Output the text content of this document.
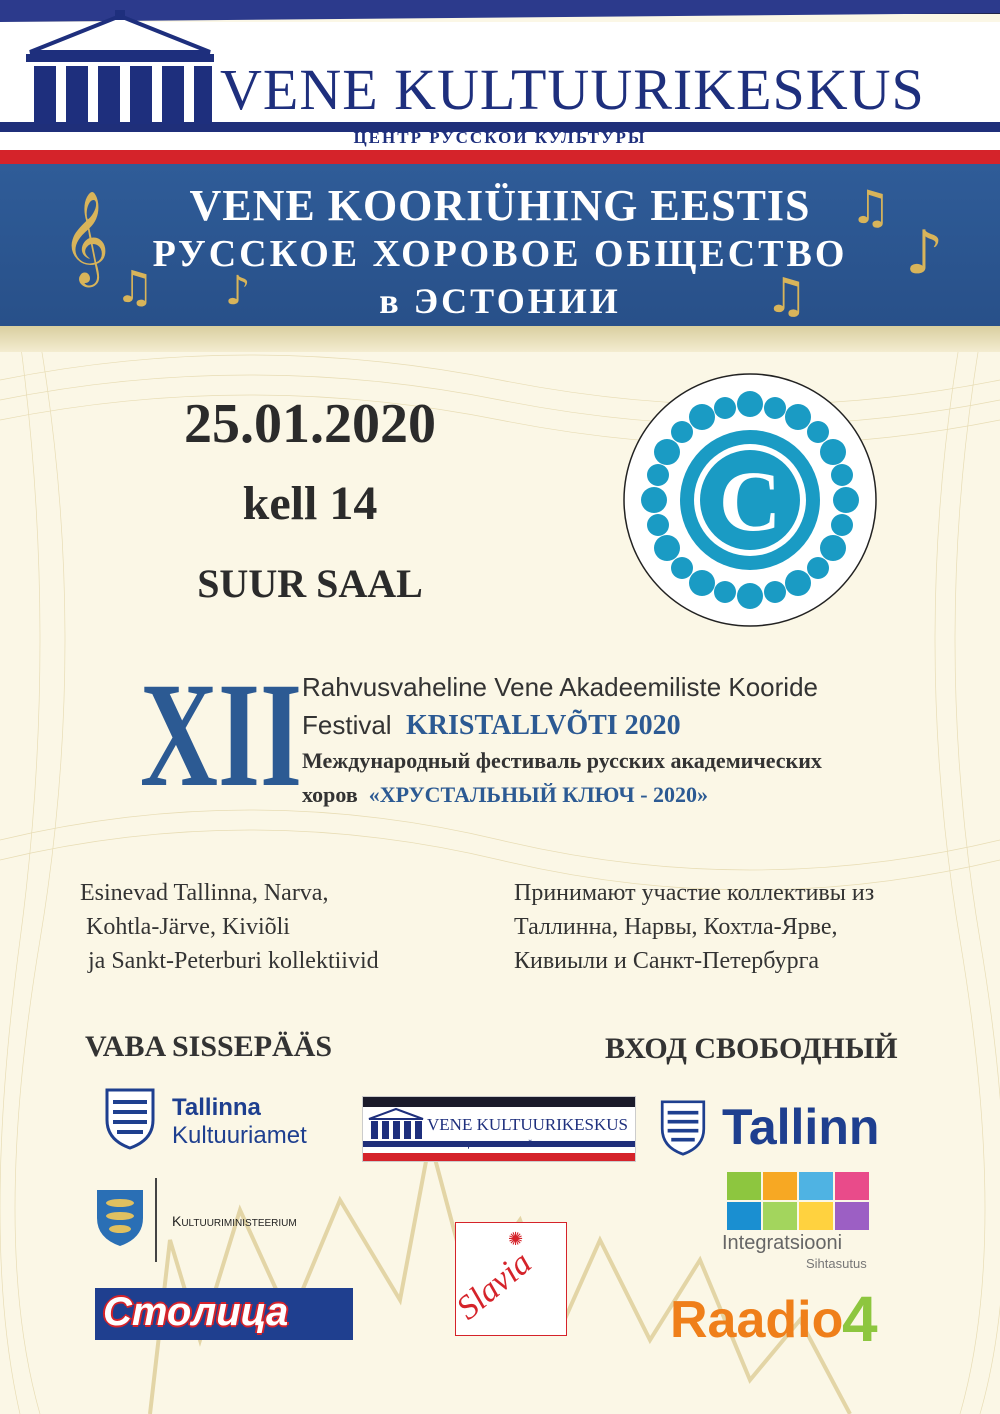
VENE KULTUURIKESKUS
ЦЕНТР РУССКОЙ КУЛЬТУРЫ
𝄞
♫ ♪
♫
♪
♫
VENE KOORIÜHING EESTIS
РУССКОЕ ХОРОВОЕ ОБЩЕСТВО
в ЭСТОНИИ
25.01.2020
kell 14
SUUR SAAL
С
XII Rahvusvaheline Vene Akadeemiliste Kooride
Festival KRISTALLVÕTI 2020
Международный фестиваль русских академических
хоров «ХРУСТАЛЬНЫЙ КЛЮЧ - 2020»
Esinevad Tallinna, Narva,
Kohtla-Järve, Kiviõli
ja Sankt-Peterburi kollektiivid
Принимают участие коллективы из
Таллинна, Нарвы, Кохтла-Ярве,
Кивиыли и Санкт-Петербурга
VABA SISSEPÄÄS	ВХОД СВОБОДНЫЙ
Tallinna
Kultuuriamet	VENE KULTUURIKESKUS Tallinn
Kultuuriministeerium
Integratsiooni
Sihtasutus
Столица
✺
Slavia	Raadio
4
